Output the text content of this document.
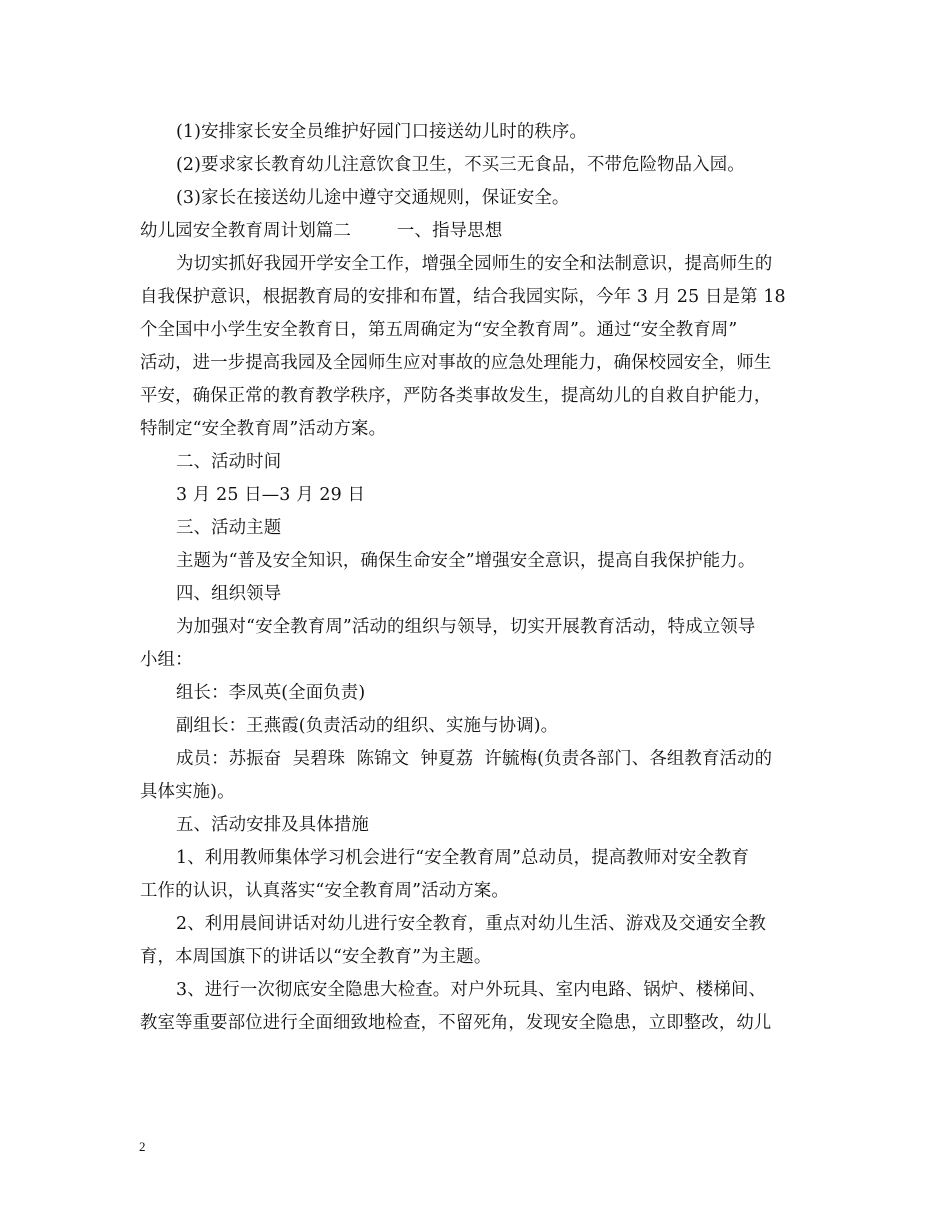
(1)安排家长安全员维护好园门口接送幼儿时的秩序。
(2)要求家长教育幼儿注意饮食卫生，不买三无食品，不带危险物品入园。
(3)家长在接送幼儿途中遵守交通规则，保证安全。
幼儿园安全教育周计划篇二        一、指导思想
为切实抓好我园开学安全工作，增强全园师生的安全和法制意识，提高师生的
自我保护意识，根据教育局的安排和布置，结合我园实际，今年 3 月 25 日是第 18
个全国中小学生安全教育日，第五周确定为“安全教育周”。通过“安全教育周”
活动，进一步提高我园及全园师生应对事故的应急处理能力，确保校园安全，师生
平安，确保正常的教育教学秩序，严防各类事故发生，提高幼儿的自救自护能力，
特制定“安全教育周”活动方案。
二、活动时间
3 月 25 日—3 月 29 日
三、活动主题
主题为“普及安全知识，确保生命安全”增强安全意识，提高自我保护能力。
四、组织领导
为加强对“安全教育周”活动的组织与领导，切实开展教育活动，特成立领导
小组：
组长：李凤英(全面负责)
副组长：王燕霞(负责活动的组织、实施与协调)。
成员：苏振奋  吴碧珠  陈锦文  钟夏荔  许毓梅(负责各部门、各组教育活动的
具体实施)。
五、活动安排及具体措施
1、利用教师集体学习机会进行“安全教育周”总动员，提高教师对安全教育
工作的认识，认真落实“安全教育周”活动方案。
2、利用晨间讲话对幼儿进行安全教育，重点对幼儿生活、游戏及交通安全教
育，本周国旗下的讲话以“安全教育”为主题。
3、进行一次彻底安全隐患大检查。对户外玩具、室内电路、锅炉、楼梯间、
教室等重要部位进行全面细致地检查，不留死角，发现安全隐患，立即整改，幼儿
2
